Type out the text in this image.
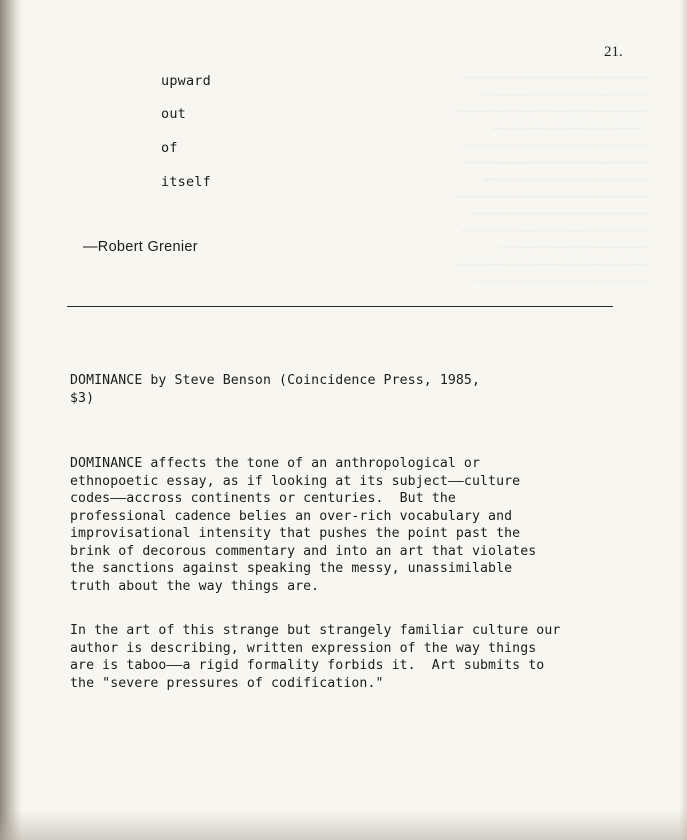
~~~~~~~~~~~~~~~~~~~~~~~~~
~~~~~~~~~~~~~~~~~~~~~~
~~~~~~~~~~~~~~~~~~~~~~~~~~
~~~~~~~~~~~~~~~~~~~~
~~~~~~~~~~~~~~~~~~~~~~~~~
~~~~~~~~~~~~~~~~~~~~~~~~
~~~~~~~~~~~~~~~~~~~~~~
~~~~~~~~~~~~~~~~~~~~~~~~~~
~~~~~~~~~~~~~~~~~~~~~~~
~~~~~~~~~~~~~~~~~~~~~~~~~
~~~~~~~~~~~~~~~~~~~~
~~~~~~~~~~~~~~~~~~~~~~~~~
~~~~~~~~~~~~~~~~~~~~~~~
21.
upward
out
of
itself
—Robert Grenier
DOMINANCE by Steve Benson (Coincidence Press, 1985,
$3)
DOMINANCE affects the tone of an anthropological or
ethnopoetic essay, as if looking at its subject——culture
codes——accross continents or centuries.  But the
professional cadence belies an over-rich vocabulary and
improvisational intensity that pushes the point past the
brink of decorous commentary and into an art that violates
the sanctions against speaking the messy, unassimilable
truth about the way things are.
In the art of this strange but strangely familiar culture our
author is describing, written expression of the way things
are is taboo——a rigid formality forbids it.  Art submits to
the "severe pressures of codification."
